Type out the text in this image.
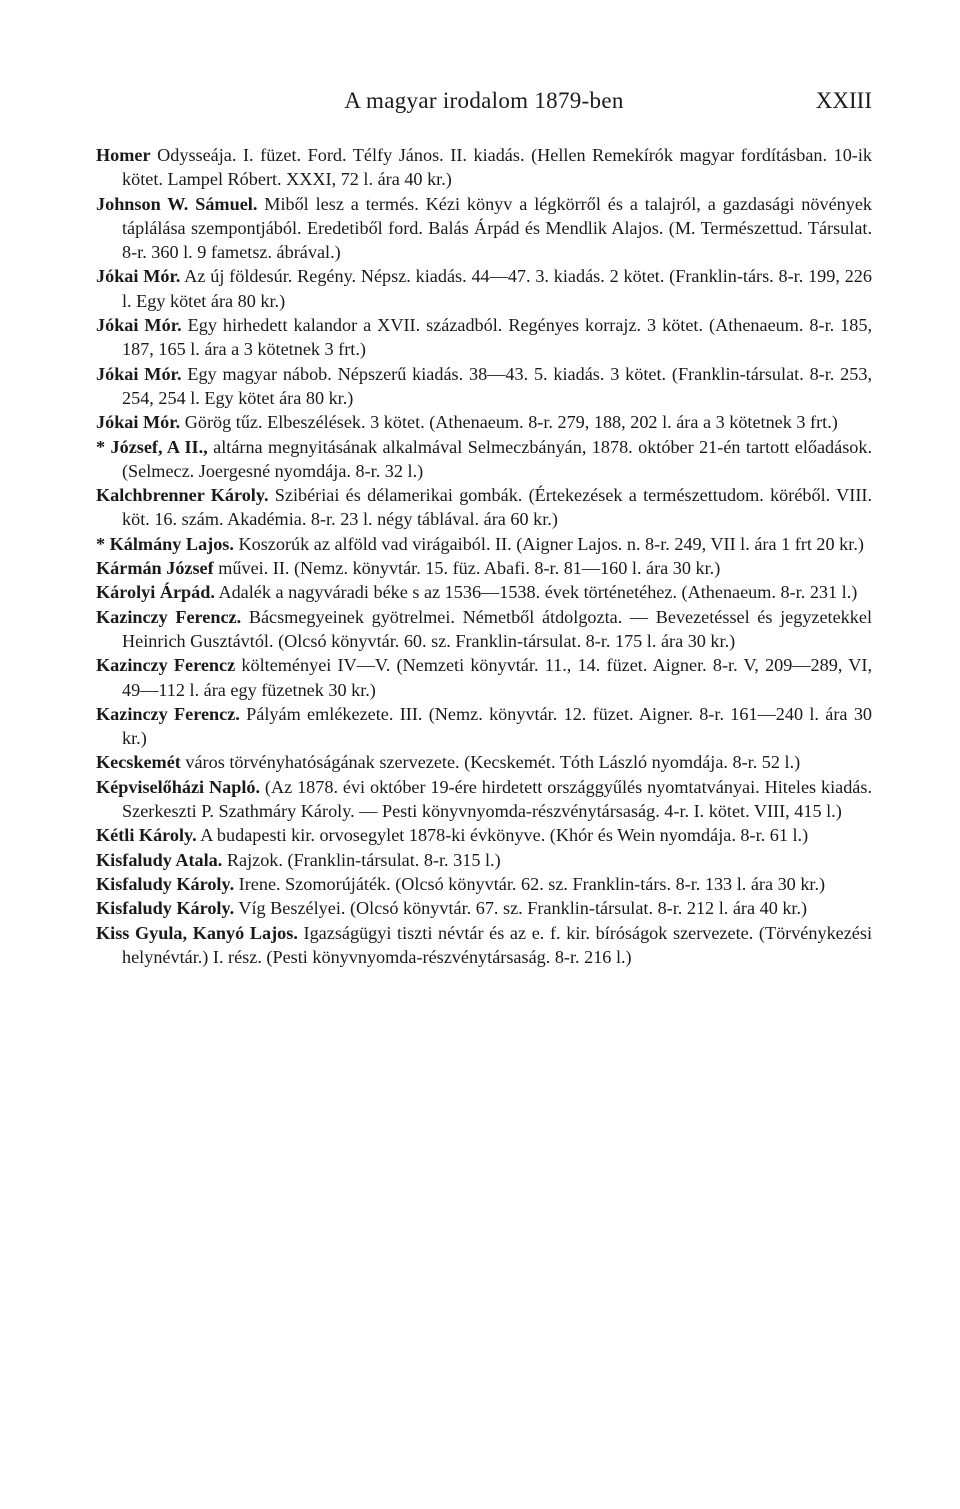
A magyar irodalom 1879-ben	XXIII

Homer Odysseája. I. füzet. Ford. Télfy János. II. kiadás. (Hellen Remekírók magyar fordításban. 10-ik kötet. Lampel Róbert. XXXI, 72 l. ára 40 kr.)

Johnson W. Sámuel. Miből lesz a termés. Kézi könyv a légkörről és a talajról, a gazdasági növények táplálása szempontjából. Eredetiből ford. Balás Árpád és Mendlik Alajos. (M. Természettud. Társulat. 8-r. 360 l. 9 fametsz. ábrával.)

Jókai Mór. Az új földesúr. Regény. Népsz. kiadás. 44—47. 3. kiadás. 2 kötet. (Franklin-társ. 8-r. 199, 226 l. Egy kötet ára 80 kr.)

Jókai Mór. Egy hirhedett kalandor a XVII. századból. Regényes korrajz. 3 kötet. (Athenaeum. 8-r. 185, 187, 165 l. ára a 3 kötetnek 3 frt.)

Jókai Mór. Egy magyar nábob. Népszerű kiadás. 38—43. 5. kiadás. 3 kötet. (Franklin-társulat. 8-r. 253, 254, 254 l. Egy kötet ára 80 kr.)

Jókai Mór. Görög tűz. Elbeszélések. 3 kötet. (Athenaeum. 8-r. 279, 188, 202 l. ára a 3 kötetnek 3 frt.)

* József, A II., altárna megnyitásának alkalmával Selmeczbányán, 1878. október 21-én tartott előadások. (Selmecz. Joergesné nyomdája. 8-r. 32 l.)

Kalchbrenner Károly. Szibériai és délamerikai gombák. (Értekezések a természettudom. köréből. VIII. köt. 16. szám. Akadémia. 8-r. 23 l. négy táblával. ára 60 kr.)

* Kálmány Lajos. Koszorúk az alföld vad virágaiból. II. (Aigner Lajos. n. 8-r. 249, VII l. ára 1 frt 20 kr.)

Kármán József művei. II. (Nemz. könyvtár. 15. füz. Abafi. 8-r. 81—160 l. ára 30 kr.)

Károlyi Árpád. Adalék a nagyváradi béke s az 1536—1538. évek történetéhez. (Athenaeum. 8-r. 231 l.)

Kazinczy Ferencz. Bácsmegyeinek gyötrelmei. Németből átdolgozta. — Bevezetéssel és jegyzetekkel Heinrich Gusztávtól. (Olcsó könyvtár. 60. sz. Franklin-társulat. 8-r. 175 l. ára 30 kr.)

Kazinczy Ferencz költeményei IV—V. (Nemzeti könyvtár. 11., 14. füzet. Aigner. 8-r. V, 209—289, VI, 49—112 l. ára egy füzetnek 30 kr.)

Kazinczy Ferencz. Pályám emlékezete. III. (Nemz. könyvtár. 12. füzet. Aigner. 8-r. 161—240 l. ára 30 kr.)

Kecskemét város törvényhatóságának szervezete. (Kecskemét. Tóth László nyomdája. 8-r. 52 l.)

Képviselőházi Napló. (Az 1878. évi október 19-ére hirdetett országgyűlés nyomtatványai. Hiteles kiadás. Szerkeszti P. Szathmáry Károly. — Pesti könyvnyomda-részvénytársaság. 4-r. I. kötet. VIII, 415 l.)

Kétli Károly. A budapesti kir. orvosegylet 1878-ki évkönyve. (Khór és Wein nyomdája. 8-r. 61 l.)

Kisfaludy Atala. Rajzok. (Franklin-társulat. 8-r. 315 l.)

Kisfaludy Károly. Irene. Szomorújáték. (Olcsó könyvtár. 62. sz. Franklin-társ. 8-r. 133 l. ára 30 kr.)

Kisfaludy Károly. Víg Beszélyei. (Olcsó könyvtár. 67. sz. Franklin-társulat. 8-r. 212 l. ára 40 kr.)

Kiss Gyula, Kanyó Lajos. Igazságügyi tiszti névtár és az e. f. kir. bíróságok szervezete. (Törvénykezési helynévtár.) I. rész. (Pesti könyvnyomda-részvénytársaság. 8-r. 216 l.)
